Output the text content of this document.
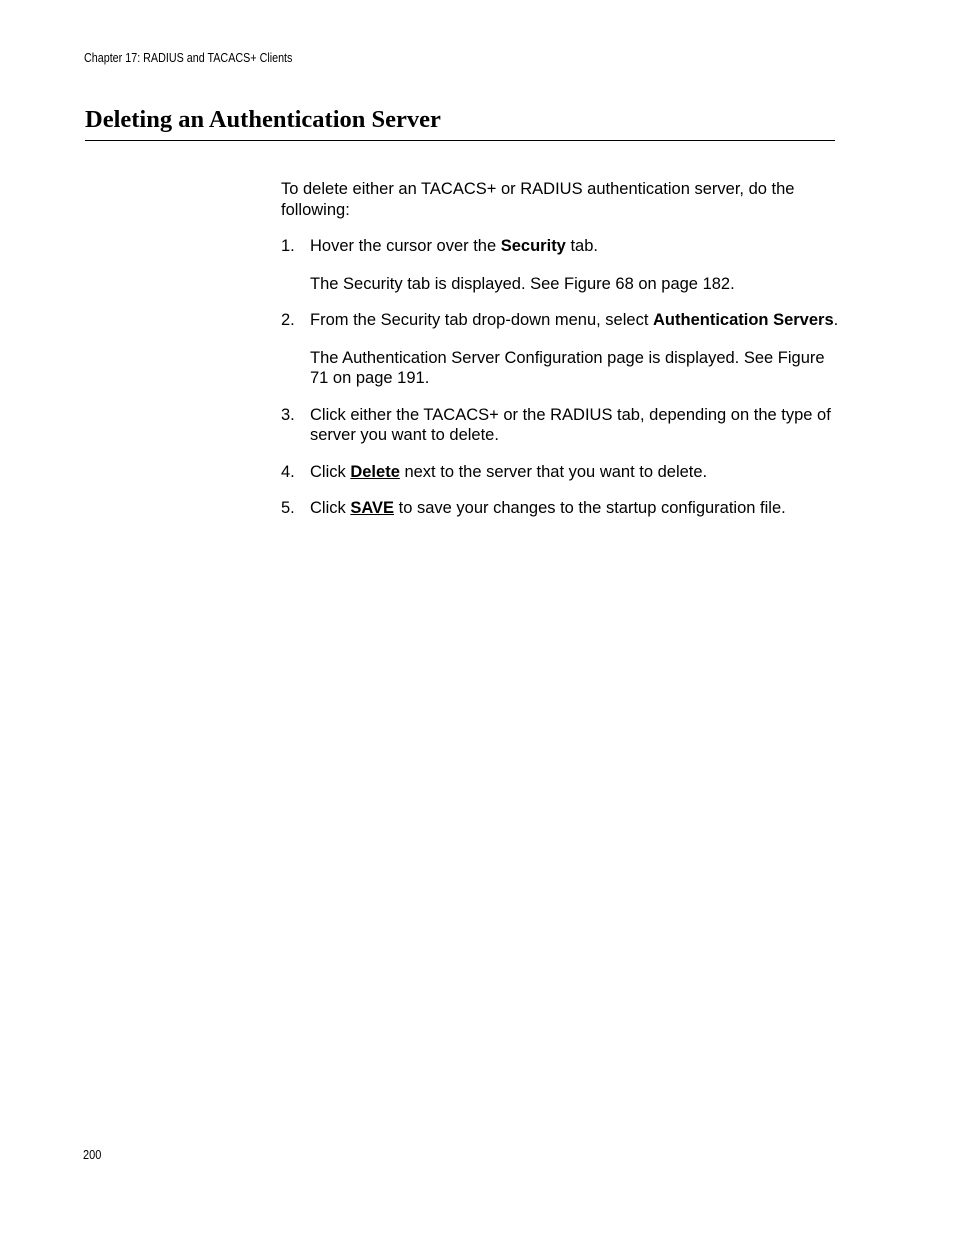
Chapter 17: RADIUS and TACACS+ Clients
Deleting an Authentication Server

To delete either an TACACS+ or RADIUS authentication server, do the following:

1. Hover the cursor over the Security tab.

The Security tab is displayed. See Figure 68 on page 182.

2. From the Security tab drop-down menu, select Authentication Servers.

The Authentication Server Configuration page is displayed. See Figure 71 on page 191.

3. Click either the TACACS+ or the RADIUS tab, depending on the type of server you want to delete.

4. Click Delete next to the server that you want to delete.

5. Click SAVE to save your changes to the startup configuration file.

200
